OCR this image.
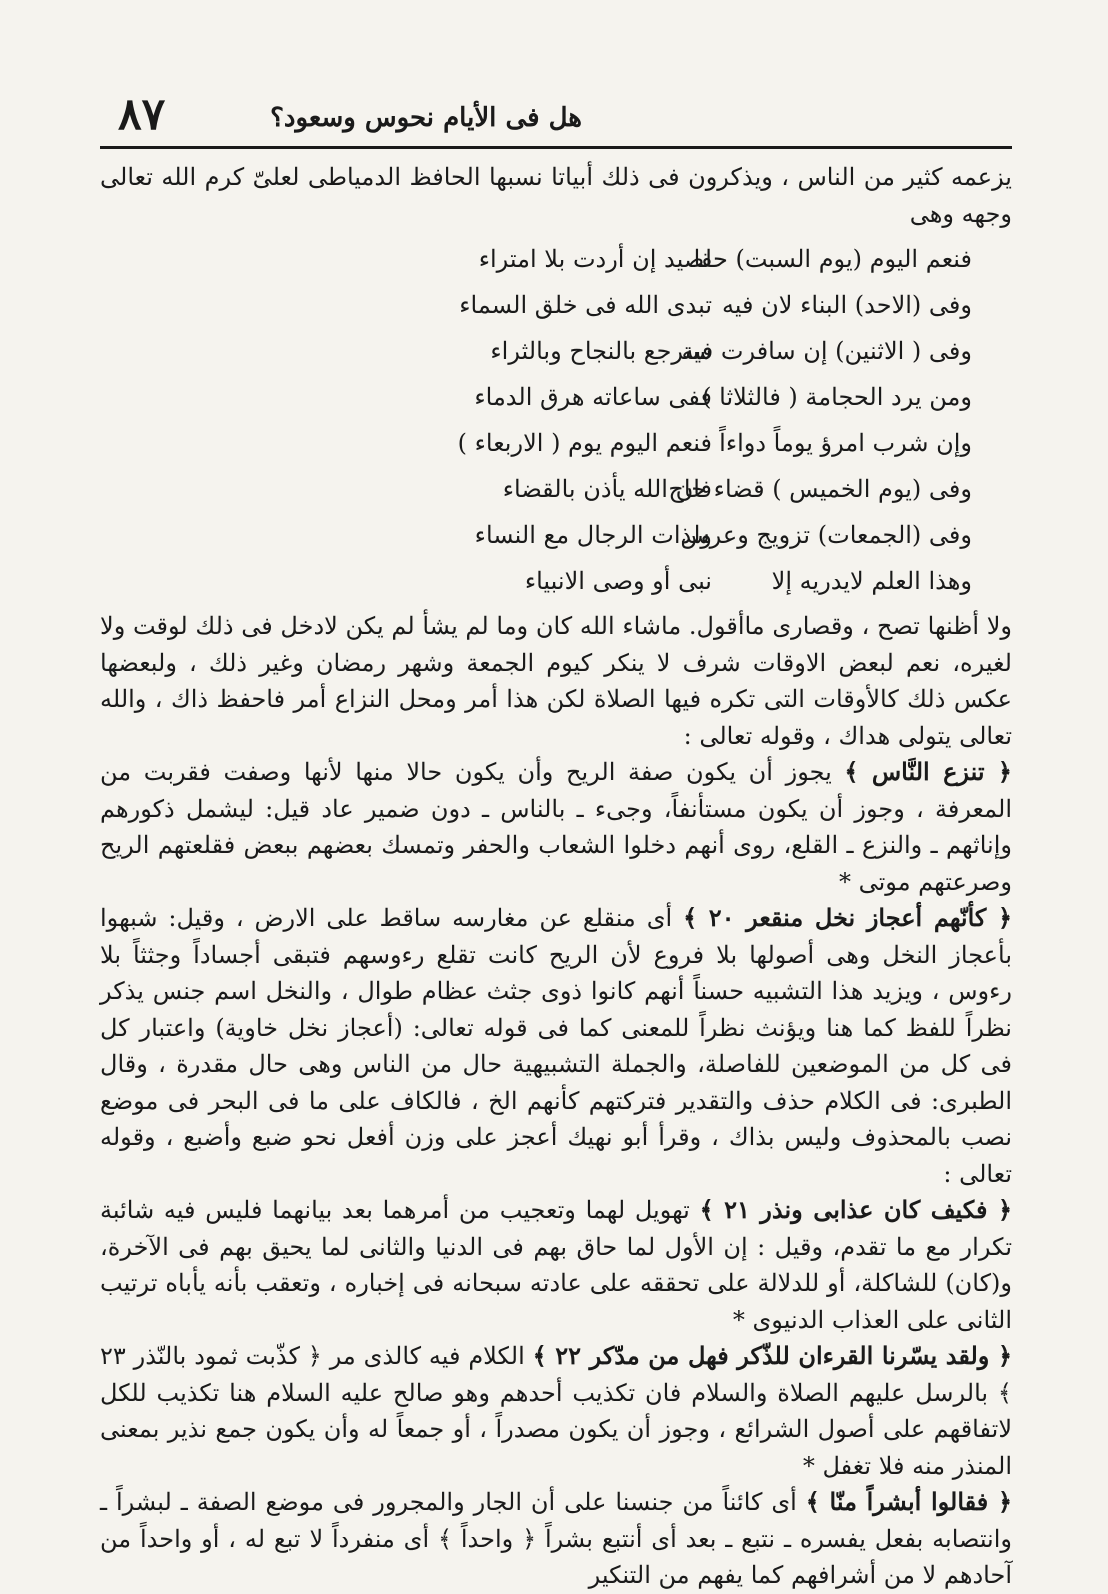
٨٧	هل فى الأيام نحوس وسعود؟

يزعمه كثير من الناس ، ويذكرون فى ذلك أبياتا نسبها الحافظ الدمياطى لعلىّ كرم الله تعالى وجهه وهى

فنعم اليوم (يوم السبت) حقا
لصيد إن أردت بلا امتراء
وفى (الاحد) البناء لان فيه
تبدى الله فى خلق السماء
وفى ( الاثنين) إن سافرت فيه
سترجع بالنجاح وبالثراء
ومن يرد الحجامة ( فالثلاثا )
ففى ساعاته هرق الدماء
وإن شرب امرؤ يوماً دواءاً
فنعم اليوم يوم ( الاربعاء )
وفى (يوم الخميس ) قضاء حاج
فان الله يأذن بالقضاء
وفى (الجمعات) تزويج وعرس
ولذات الرجال مع النساء
وهذا العلم لايدريه إلا
نبى أو وصى الانبياء

ولا أظنها تصح ، وقصارى ماأقول. ماشاء الله كان وما لم يشأ لم يكن لادخل فى ذلك لوقت ولا لغيره، نعم لبعض الاوقات شرف لا ينكر كيوم الجمعة وشهر رمضان وغير ذلك ، ولبعضها عكس ذلك كالأوقات التى تكره فيها الصلاة لكن هذا أمر ومحل النزاع أمر فاحفظ ذاك ، والله تعالى يتولى هداك ، وقوله تعالى :

﴿ تنزع النَّاس ﴾ يجوز أن يكون صفة الريح وأن يكون حالا منها لأنها وصفت فقربت من المعرفة ، وجوز أن يكون مستأنفاً، وجىء ـ بالناس ـ دون ضمير عاد قيل: ليشمل ذكورهم وإناثهم ـ والنزع ـ القلع، روى أنهم دخلوا الشعاب والحفر وتمسك بعضهم ببعض فقلعتهم الريح وصرعتهم موتى *

﴿ كأنّهم أعجاز نخل منقعر ٢٠ ﴾ أى منقلع عن مغارسه ساقط على الارض ، وقيل: شبهوا بأعجاز النخل وهى أصولها بلا فروع لأن الريح كانت تقلع رءوسهم فتبقى أجساداً وجثثاً بلا رءوس ، ويزيد هذا التشبيه حسناً أنهم كانوا ذوى جثث عظام طوال ، والنخل اسم جنس يذكر نظراً للفظ كما هنا ويؤنث نظراً للمعنى كما فى قوله تعالى: (أعجاز نخل خاوية) واعتبار كل فى كل من الموضعين للفاصلة، والجملة التشبيهية حال من الناس وهى حال مقدرة ، وقال الطبرى: فى الكلام حذف والتقدير فتركتهم كأنهم الخ ، فالكاف على ما فى البحر فى موضع نصب بالمحذوف وليس بذاك ، وقرأ أبو نهيك أعجز على وزن أفعل نحو ضبع وأضبع ، وقوله تعالى :

﴿ فكيف كان عذابى ونذر ٢١ ﴾ تهويل لهما وتعجيب من أمرهما بعد بيانهما فليس فيه شائبة تكرار مع ما تقدم، وقيل : إن الأول لما حاق بهم فى الدنيا والثانى لما يحيق بهم فى الآخرة، و(كان) للشاكلة، أو للدلالة على تحققه على عادته سبحانه فى إخباره ، وتعقب بأنه يأباه ترتيب الثانى على العذاب الدنيوى *

﴿ ولقد يسّرنا القرءان للذّكر فهل من مدّكر ٢٢ ﴾ الكلام فيه كالذى مر ﴿ كذّبت ثمود بالنّذر ٢٣ ﴾ بالرسل عليهم الصلاة والسلام فان تكذيب أحدهم وهو صالح عليه السلام هنا تكذيب للكل لاتفاقهم على أصول الشرائع ، وجوز أن يكون مصدراً ، أو جمعاً له وأن يكون جمع نذير بمعنى المنذر منه فلا تغفل *

﴿ فقالوا أبشراً منّا ﴾ أى كائناً من جنسنا على أن الجار والمجرور فى موضع الصفة ـ لبشراً ـ وانتصابه بفعل يفسره ـ نتبع ـ بعد أى أنتبع بشراً ﴿ واحداً ﴾ أى منفرداً لا تبع له ، أو واحداً من آحادهم لا من أشرافهم كما يفهم من التنكير
